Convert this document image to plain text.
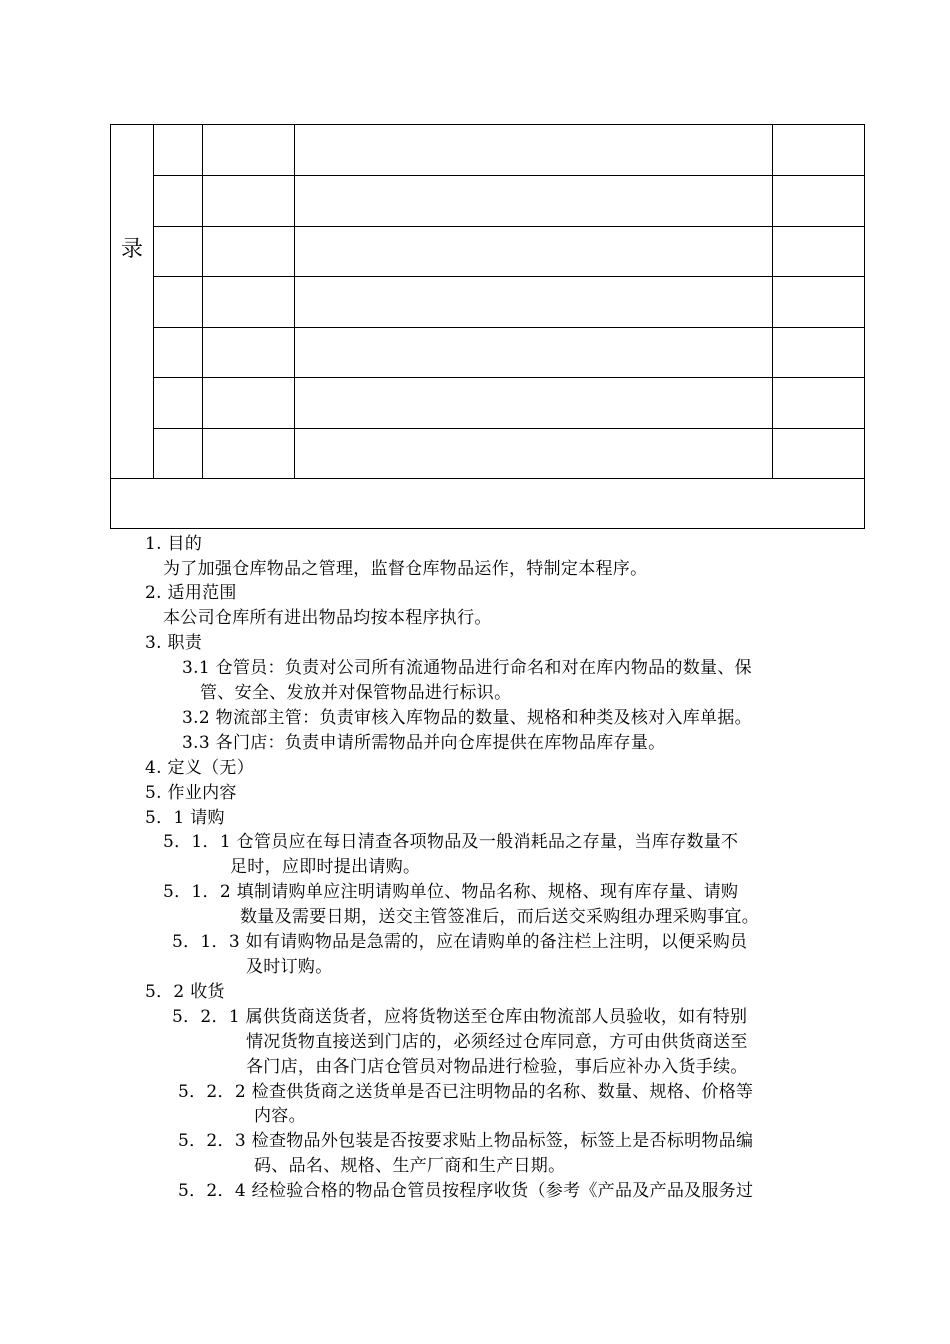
录
1. 目的
为了加强仓库物品之管理，监督仓库物品运作，特制定本程序。
2. 适用范围
本公司仓库所有进出物品均按本程序执行。
3. 职责
3.1 仓管员：负责对公司所有流通物品进行命名和对在库内物品的数量、保
管、安全、发放并对保管物品进行标识。
3.2 物流部主管：负责审核入库物品的数量、规格和种类及核对入库单据。
3.3 各门店：负责申请所需物品并向仓库提供在库物品库存量。
4. 定义（无）
5. 作业内容
5．1 请购
5．1．1 仓管员应在每日清查各项物品及一般消耗品之存量，当库存数量不
足时，应即时提出请购。
5．1．2 填制请购单应注明请购单位、物品名称、规格、现有库存量、请购
数量及需要日期，送交主管签准后，而后送交采购组办理采购事宜。
5．1．3 如有请购物品是急需的，应在请购单的备注栏上注明，以便采购员
及时订购。
5．2 收货
5．2．1 属供货商送货者，应将货物送至仓库由物流部人员验收，如有特别
情况货物直接送到门店的，必须经过仓库同意，方可由供货商送至
各门店，由各门店仓管员对物品进行检验，事后应补办入货手续。
5．2．2 检查供货商之送货单是否已注明物品的名称、数量、规格、价格等
内容。
5．2．3 检查物品外包装是否按要求贴上物品标签，标签上是否标明物品编
码、品名、规格、生产厂商和生产日期。
5．2．4 经检验合格的物品仓管员按程序收货（参考《产品及产品及服务过
